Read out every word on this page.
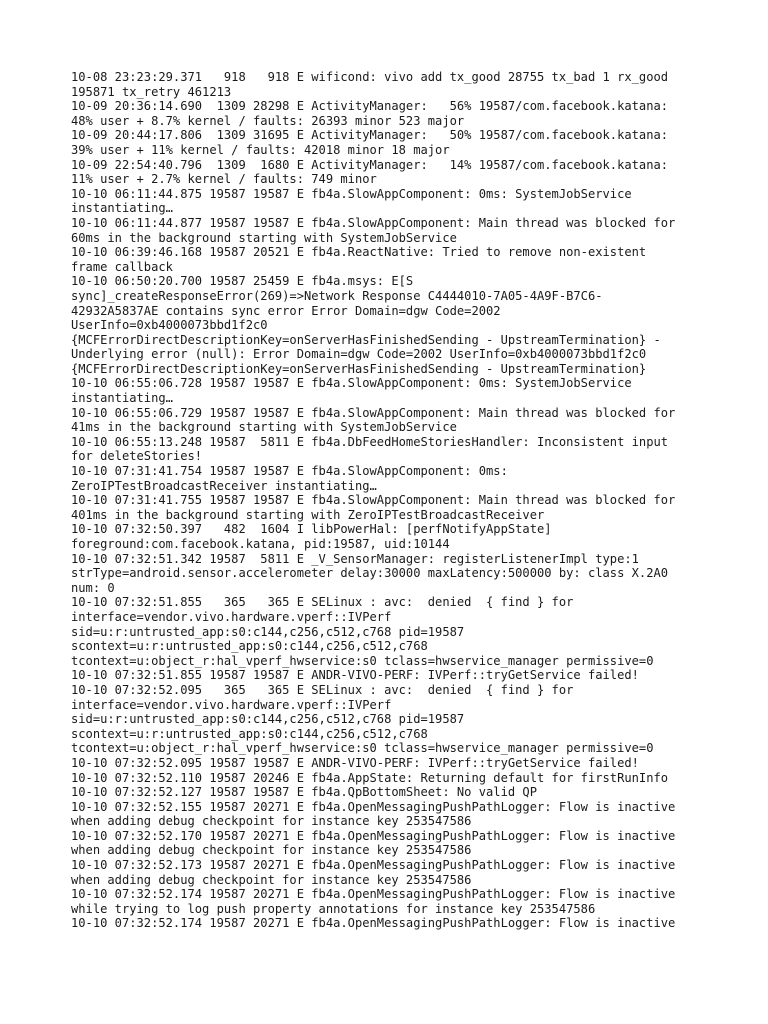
10-08 23:23:29.371   918   918 E wificond: vivo add tx_good 28755 tx_bad 1 rx_good
195871 tx_retry 461213
10-09 20:36:14.690  1309 28298 E ActivityManager:   56% 19587/com.facebook.katana:
48% user + 8.7% kernel / faults: 26393 minor 523 major
10-09 20:44:17.806  1309 31695 E ActivityManager:   50% 19587/com.facebook.katana:
39% user + 11% kernel / faults: 42018 minor 18 major
10-09 22:54:40.796  1309  1680 E ActivityManager:   14% 19587/com.facebook.katana:
11% user + 2.7% kernel / faults: 749 minor
10-10 06:11:44.875 19587 19587 E fb4a.SlowAppComponent: 0ms: SystemJobService
instantiating…
10-10 06:11:44.877 19587 19587 E fb4a.SlowAppComponent: Main thread was blocked for
60ms in the background starting with SystemJobService
10-10 06:39:46.168 19587 20521 E fb4a.ReactNative: Tried to remove non-existent
frame callback
10-10 06:50:20.700 19587 25459 E fb4a.msys: E[S
sync]_createResponseError(269)=>Network Response C4444010-7A05-4A9F-B7C6-
42932A5837AE contains sync error Error Domain=dgw Code=2002
UserInfo=0xb4000073bbd1f2c0
{MCFErrorDirectDescriptionKey=onServerHasFinishedSending - UpstreamTermination} -
Underlying error (null): Error Domain=dgw Code=2002 UserInfo=0xb4000073bbd1f2c0
{MCFErrorDirectDescriptionKey=onServerHasFinishedSending - UpstreamTermination}
10-10 06:55:06.728 19587 19587 E fb4a.SlowAppComponent: 0ms: SystemJobService
instantiating…
10-10 06:55:06.729 19587 19587 E fb4a.SlowAppComponent: Main thread was blocked for
41ms in the background starting with SystemJobService
10-10 06:55:13.248 19587  5811 E fb4a.DbFeedHomeStoriesHandler: Inconsistent input
for deleteStories!
10-10 07:31:41.754 19587 19587 E fb4a.SlowAppComponent: 0ms:
ZeroIPTestBroadcastReceiver instantiating…
10-10 07:31:41.755 19587 19587 E fb4a.SlowAppComponent: Main thread was blocked for
401ms in the background starting with ZeroIPTestBroadcastReceiver
10-10 07:32:50.397   482  1604 I libPowerHal: [perfNotifyAppState]
foreground:com.facebook.katana, pid:19587, uid:10144
10-10 07:32:51.342 19587  5811 E _V_SensorManager: registerListenerImpl type:1
strType=android.sensor.accelerometer delay:30000 maxLatency:500000 by: class X.2A0
num: 0
10-10 07:32:51.855   365   365 E SELinux : avc:  denied  { find } for
interface=vendor.vivo.hardware.vperf::IVPerf
sid=u:r:untrusted_app:s0:c144,c256,c512,c768 pid=19587
scontext=u:r:untrusted_app:s0:c144,c256,c512,c768
tcontext=u:object_r:hal_vperf_hwservice:s0 tclass=hwservice_manager permissive=0
10-10 07:32:51.855 19587 19587 E ANDR-VIVO-PERF: IVPerf::tryGetService failed!
10-10 07:32:52.095   365   365 E SELinux : avc:  denied  { find } for
interface=vendor.vivo.hardware.vperf::IVPerf
sid=u:r:untrusted_app:s0:c144,c256,c512,c768 pid=19587
scontext=u:r:untrusted_app:s0:c144,c256,c512,c768
tcontext=u:object_r:hal_vperf_hwservice:s0 tclass=hwservice_manager permissive=0
10-10 07:32:52.095 19587 19587 E ANDR-VIVO-PERF: IVPerf::tryGetService failed!
10-10 07:32:52.110 19587 20246 E fb4a.AppState: Returning default for firstRunInfo
10-10 07:32:52.127 19587 19587 E fb4a.QpBottomSheet: No valid QP
10-10 07:32:52.155 19587 20271 E fb4a.OpenMessagingPushPathLogger: Flow is inactive
when adding debug checkpoint for instance key 253547586
10-10 07:32:52.170 19587 20271 E fb4a.OpenMessagingPushPathLogger: Flow is inactive
when adding debug checkpoint for instance key 253547586
10-10 07:32:52.173 19587 20271 E fb4a.OpenMessagingPushPathLogger: Flow is inactive
when adding debug checkpoint for instance key 253547586
10-10 07:32:52.174 19587 20271 E fb4a.OpenMessagingPushPathLogger: Flow is inactive
while trying to log push property annotations for instance key 253547586
10-10 07:32:52.174 19587 20271 E fb4a.OpenMessagingPushPathLogger: Flow is inactive
